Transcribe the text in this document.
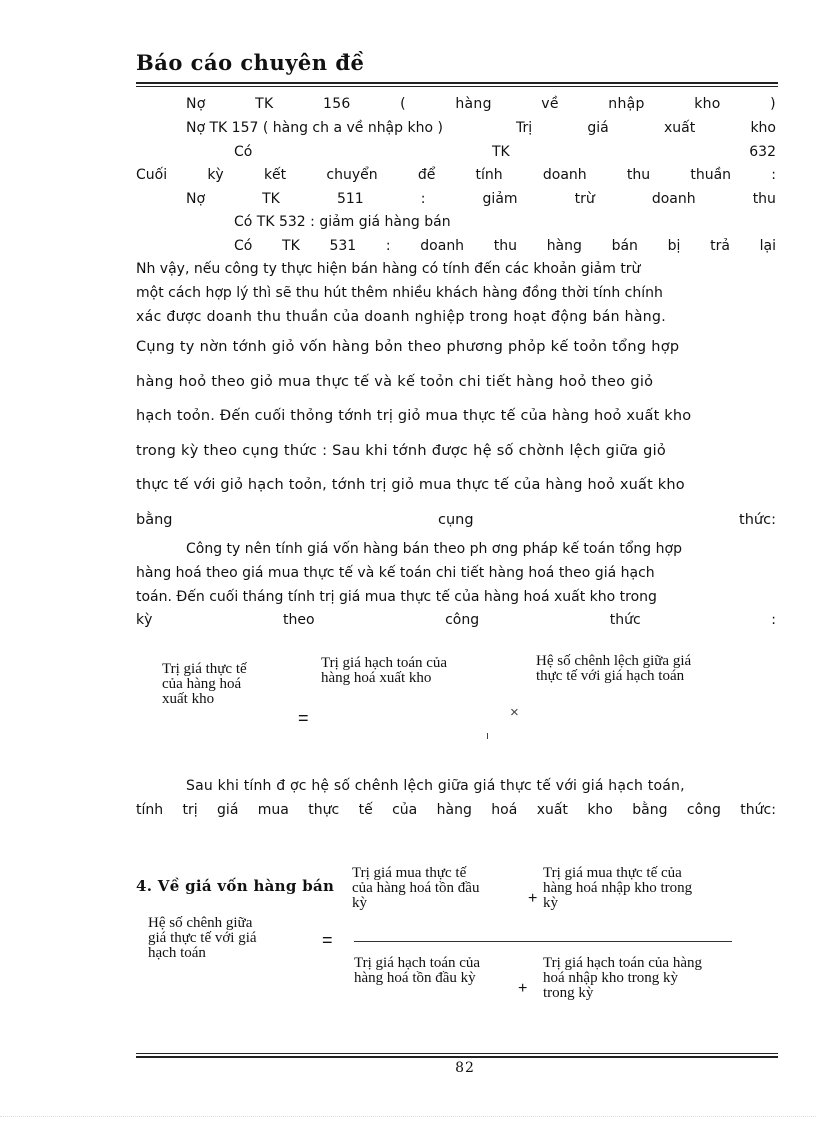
Báo cáo chuyên đề
Nợ	TK	156	(	hàng	về	nhập	kho	)
Nợ TK 157 ( hàng ch a về nhập kho )	Trị	giá	xuất	kho
Có	TK	632
Cuối	kỳ	kết	chuyển	để	tính	doanh	thu	thuần	:
Nợ	TK	511	:	giảm	trừ	doanh	thu
Có TK 532 : giảm giá hàng bán
Có TK 531 : doanh thu hàng bán bị trả lại
Nh vậy, nếu công ty thực hiện bán hàng có tính đến các khoản giảm trừ
một cách hợp lý thì sẽ thu hút thêm nhiều khách hàng đồng thời tính chính
xác được doanh thu thuần của doanh nghiệp trong hoạt động bán hàng.
Cụng ty nờn tớnh giỏ vốn hàng bỏn theo phương phỏp kế toỏn tổng hợp
hàng hoỏ theo giỏ mua thực tế và kế toỏn chi tiết hàng hoỏ theo giỏ
hạch toỏn. Đến cuối thỏng tớnh trị giỏ mua thực tế của hàng hoỏ xuất kho
trong kỳ theo cụng thức : Sau khi tớnh được hệ số chờnh lệch giữa giỏ
thực tế với giỏ hạch toỏn, tớnh trị giỏ mua thực tế của hàng hoỏ xuất kho
bằng	cụng	thức:
Công ty nên tính giá vốn hàng bán theo ph ơng pháp kế toán tổng hợp
hàng hoá theo giá mua thực tế và kế toán chi tiết hàng hoá theo giá hạch
toán. Đến cuối tháng tính trị giá mua thực tế của hàng hoá xuất kho trong
kỳ	theo	công	thức	:
Trị giá thực tế
của hàng hoá
xuất kho
Trị giá hạch toán của
hàng hoá xuất kho
Hệ số chênh lệch giữa giá
thực tế với giá hạch toán
=	×
Sau khi tính đ ợc hệ số chênh lệch giữa giá thực tế với giá hạch toán,
tính trị giá mua thực tế của hàng hoá xuất kho bằng công thức:
4. Về giá vốn hàng bán
Trị giá mua thực tế
của hàng hoá tồn đầu
kỳ	+
Trị giá mua thực tế của
hàng hoá nhập kho trong
kỳ
Hệ số chênh giữa
giá thực tế với giá
hạch toán
=
Trị giá hạch toán của
hàng hoá tồn đầu kỳ
+
Trị giá hạch toán của hàng
hoá nhập kho trong kỳ
trong kỳ
82
